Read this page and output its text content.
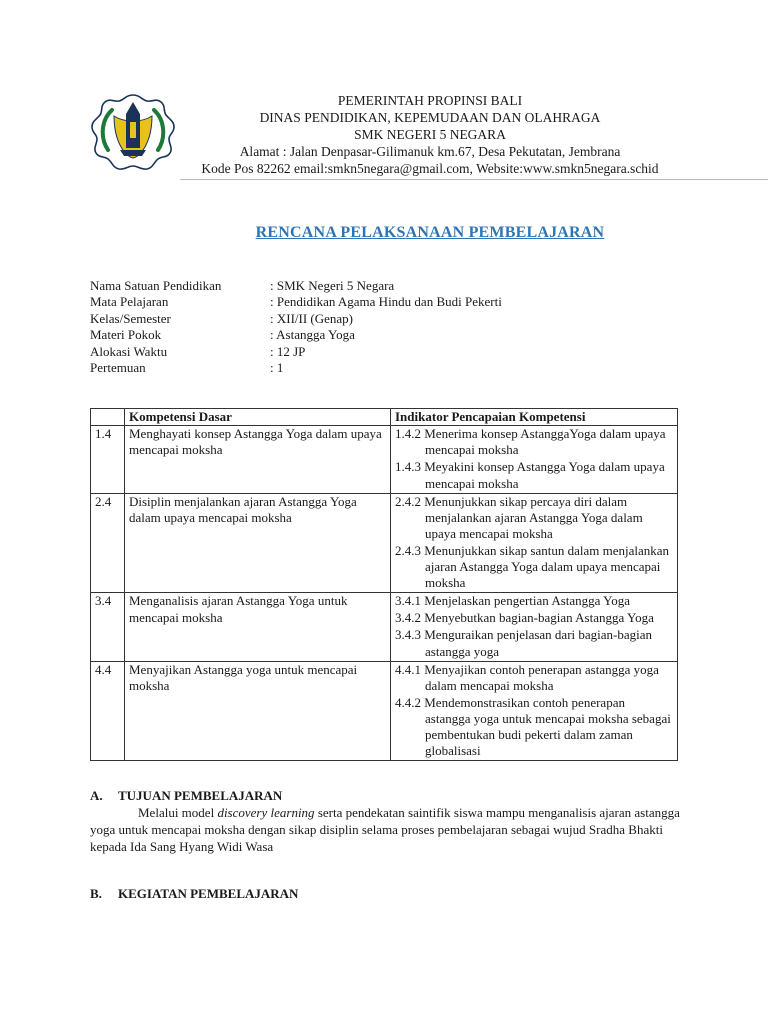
PEMERINTAH PROPINSI BALI
DINAS PENDIDIKAN, KEPEMUDAAN DAN OLAHRAGA
SMK NEGERI 5 NEGARA
Alamat : Jalan Denpasar-Gilimanuk km.67, Desa Pekutatan, Jembrana
Kode Pos 82262 email:smkn5negara@gmail.com, Website:www.smkn5negara.schid
RENCANA PELAKSANAAN PEMBELAJARAN
Nama Satuan Pendidikan	: SMK Negeri 5 Negara
Mata Pelajaran	: Pendidikan Agama Hindu dan Budi Pekerti
Kelas/Semester	: XII/II (Genap)
Materi Pokok	: Astangga Yoga
Alokasi Waktu	: 12 JP
Pertemuan	: 1
	Kompetensi Dasar	Indikator Pencapaian Kompetensi
1.4	Menghayati konsep Astangga Yoga dalam upaya mencapai moksha	1.4.2 Menerima konsep AstanggaYoga dalam upaya mencapai moksha
1.4.3 Meyakini konsep Astangga Yoga dalam upaya mencapai moksha

2.4	Disiplin menjalankan ajaran Astangga Yoga dalam upaya mencapai moksha	2.4.2 Menunjukkan sikap percaya diri dalam menjalankan ajaran Astangga Yoga dalam upaya mencapai moksha
2.4.3 Menunjukkan sikap santun dalam menjalankan ajaran Astangga Yoga dalam upaya mencapai moksha

3.4	Menganalisis ajaran Astangga Yoga untuk mencapai moksha	3.4.1 Menjelaskan pengertian Astangga Yoga
3.4.2 Menyebutkan bagian-bagian Astangga Yoga
3.4.3 Menguraikan penjelasan dari bagian-bagian astangga yoga

4.4	Menyajikan Astangga yoga untuk mencapai moksha	4.4.1 Menyajikan contoh penerapan astangga yoga dalam mencapai moksha
4.4.2 Mendemonstrasikan contoh penerapan astangga yoga untuk mencapai moksha sebagai pembentukan budi pekerti dalam zaman globalisasi
A.	TUJUAN PEMBELAJARAN
Melalui model discovery learning serta pendekatan saintifik siswa mampu menganalisis ajaran astangga yoga untuk mencapai moksha dengan sikap disiplin selama proses pembelajaran sebagai wujud Sradha Bhakti kepada Ida Sang Hyang Widi Wasa
B.	KEGIATAN PEMBELAJARAN
